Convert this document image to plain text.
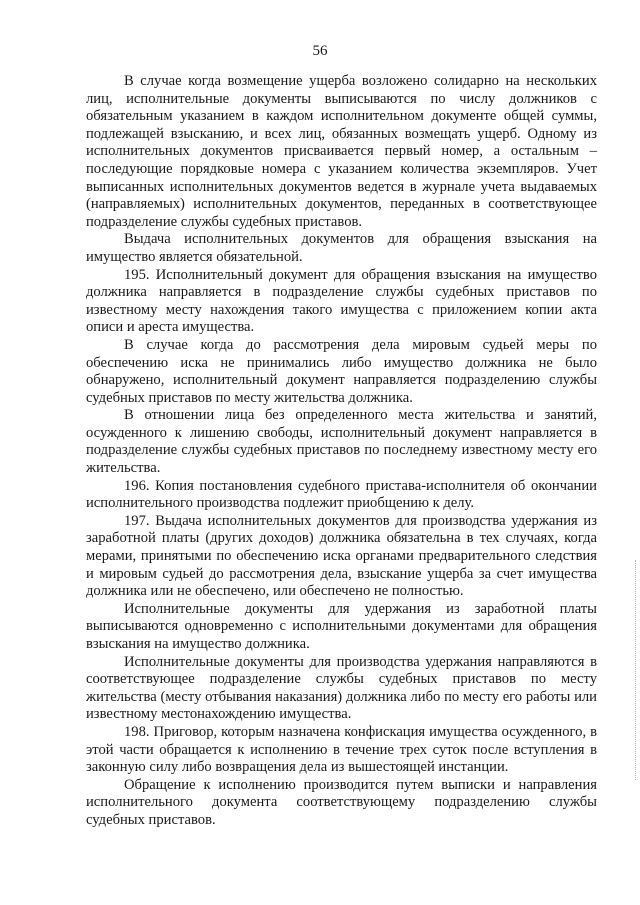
56

В случае когда возмещение ущерба возложено солидарно на нескольких лиц, исполнительные документы выписываются по числу должников с обязательным указанием в каждом исполнительном документе общей суммы, подлежащей взысканию, и всех лиц, обязанных возмещать ущерб. Одному из исполнительных документов присваивается первый номер, а остальным – последующие порядковые номера с указанием количества экземпляров. Учет выписанных исполнительных документов ведется в журнале учета выдаваемых (направляемых) исполнительных документов, переданных в соответствующее подразделение службы судебных приставов.

Выдача исполнительных документов для обращения взыскания на имущество является обязательной.

195. Исполнительный документ для обращения взыскания на имущество должника направляется в подразделение службы судебных приставов по известному месту нахождения такого имущества с приложением копии акта описи и ареста имущества.

В случае когда до рассмотрения дела мировым судьей меры по обеспечению иска не принимались либо имущество должника не было обнаружено, исполнительный документ направляется подразделению службы судебных приставов по месту жительства должника.

В отношении лица без определенного места жительства и занятий, осужденного к лишению свободы, исполнительный документ направляется в подразделение службы судебных приставов по последнему известному месту его жительства.

196. Копия постановления судебного пристава-исполнителя об окончании исполнительного производства подлежит приобщению к делу.

197. Выдача исполнительных документов для производства удержания из заработной платы (других доходов) должника обязательна в тех случаях, когда мерами, принятыми по обеспечению иска органами предварительного следствия и мировым судьей до рассмотрения дела, взыскание ущерба за счет имущества должника или не обеспечено, или обеспечено не полностью.

Исполнительные документы для удержания из заработной платы выписываются одновременно с исполнительными документами для обращения взыскания на имущество должника.

Исполнительные документы для производства удержания направляются в соответствующее подразделение службы судебных приставов по месту жительства (месту отбывания наказания) должника либо по месту его работы или известному местонахождению имущества.

198. Приговор, которым назначена конфискация имущества осужденного, в этой части обращается к исполнению в течение трех суток после вступления в законную силу либо возвращения дела из вышестоящей инстанции.

Обращение к исполнению производится путем выписки и направления исполнительного документа соответствующему подразделению службы судебных приставов.
